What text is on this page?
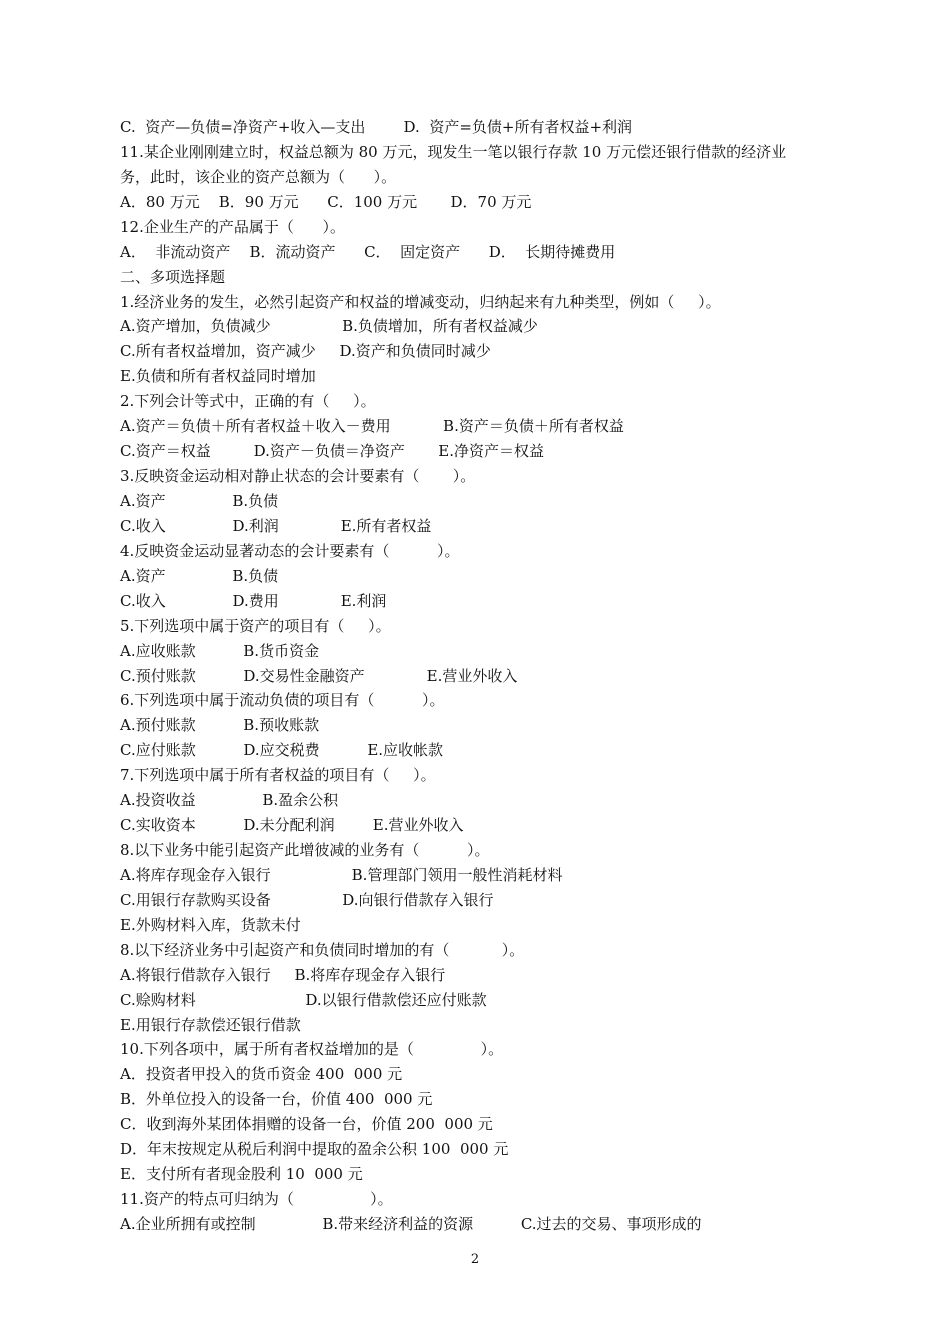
C.  资产—负债=净资产+收入—支出        D.  资产=负债+所有者权益+利润
11.某企业刚刚建立时，权益总额为 80 万元，现发生一笔以银行存款 10 万元偿还银行借款的经济业
务，此时，该企业的资产总额为（      ）。
A．80 万元    B．90 万元      C．100 万元       D．70 万元
12.企业生产的产品属于（      ）。
A．  非流动资产    B．流动资产      C．  固定资产      D．  长期待摊费用
二、多项选择题
1.经济业务的发生，必然引起资产和权益的增减变动，归纳起来有九种类型，例如（     ）。
A.资产增加，负债减少               B.负债增加，所有者权益减少
C.所有者权益增加，资产减少     D.资产和负债同时减少
E.负债和所有者权益同时增加
2.下列会计等式中，正确的有（     ）。
A.资产＝负债＋所有者权益＋收入－费用           B.资产＝负债＋所有者权益
C.资产＝权益         D.资产－负债＝净资产       E.净资产＝权益
3.反映资金运动相对静止状态的会计要素有（       ）。
A.资产              B.负债
C.收入              D.利润             E.所有者权益
4.反映资金运动显著动态的会计要素有（          ）。
A.资产              B.负债
C.收入              D.费用             E.利润
5.下列选项中属于资产的项目有（     ）。
A.应收账款          B.货币资金
C.预付账款          D.交易性金融资产             E.营业外收入
6.下列选项中属于流动负债的项目有（          ）。
A.预付账款          B.预收账款
C.应付账款          D.应交税费          E.应收帐款
7.下列选项中属于所有者权益的项目有（     ）。
A.投资收益              B.盈余公积
C.实收资本          D.未分配利润        E.营业外收入
8.以下业务中能引起资产此增彼减的业务有（          ）。
A.将库存现金存入银行                 B.管理部门领用一般性消耗材料
C.用银行存款购买设备               D.向银行借款存入银行
E.外购材料入库，货款未付
8.以下经济业务中引起资产和负债同时增加的有（           ）。
A.将银行借款存入银行     B.将库存现金存入银行
C.赊购材料                       D.以银行借款偿还应付账款
E.用银行存款偿还银行借款
10.下列各项中，属于所有者权益增加的是（              ）。
A．投资者甲投入的货币资金 400  000 元
B．外单位投入的设备一台，价值 400  000 元
C．收到海外某团体捐赠的设备一台，价值 200  000 元
D．年末按规定从税后利润中提取的盈余公积 100  000 元
E．支付所有者现金股利 10  000 元
11.资产的特点可归纳为（                ）。
A.企业所拥有或控制              B.带来经济利益的资源          C.过去的交易、事项形成的
2
